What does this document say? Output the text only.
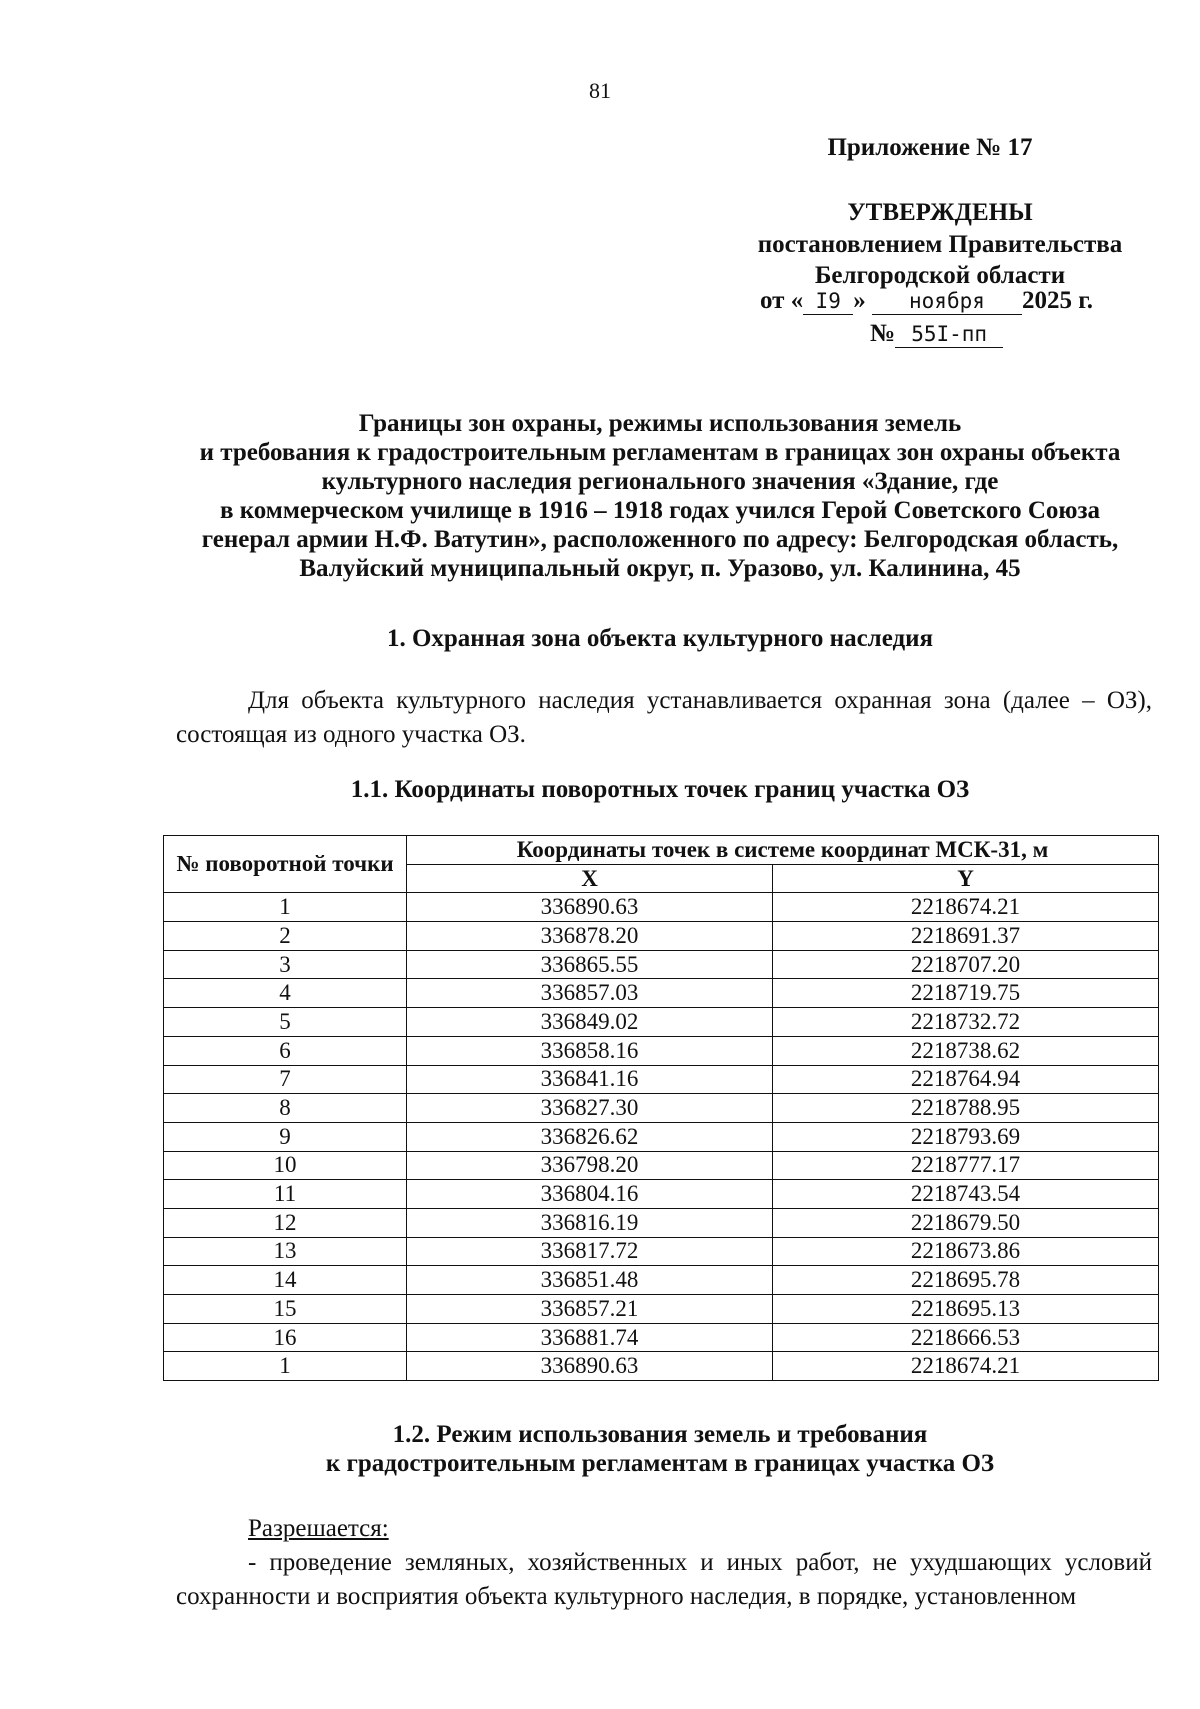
81
Приложение № 17
УТВЕРЖДЕНЫ
постановлением Правительства
Белгородской области
от « I9 » ноября 2025 г.
№ 55I-пп
Границы зон охраны, режимы использования земель
и требования к градостроительным регламентам в границах зон охраны объекта
культурного наследия регионального значения «Здание, где
в коммерческом училище в 1916 – 1918 годах учился Герой Советского Союза
генерал армии Н.Ф. Ватутин», расположенного по адресу: Белгородская область,
Валуйский муниципальный округ, п. Уразово, ул. Калинина, 45
1. Охранная зона объекта культурного наследия
Для объекта культурного наследия устанавливается охранная зона (далее – ОЗ), состоящая из одного участка ОЗ.
1.1. Координаты поворотных точек границ участка ОЗ
№ поворотной точки	Координаты точек в системе координат МСК-31, м	
	X	Y
1	336890.63	2218674.21
2	336878.20	2218691.37
3	336865.55	2218707.20
4	336857.03	2218719.75
5	336849.02	2218732.72
6	336858.16	2218738.62
7	336841.16	2218764.94
8	336827.30	2218788.95
9	336826.62	2218793.69
10	336798.20	2218777.17
11	336804.16	2218743.54
12	336816.19	2218679.50
13	336817.72	2218673.86
14	336851.48	2218695.78
15	336857.21	2218695.13
16	336881.74	2218666.53
1	336890.63	2218674.21
1.2. Режим использования земель и требования
к градостроительным регламентам в границах участка ОЗ
Разрешается:
- проведение земляных, хозяйственных и иных работ, не ухудшающих условий сохранности и восприятия объекта культурного наследия, в порядке, установленном
